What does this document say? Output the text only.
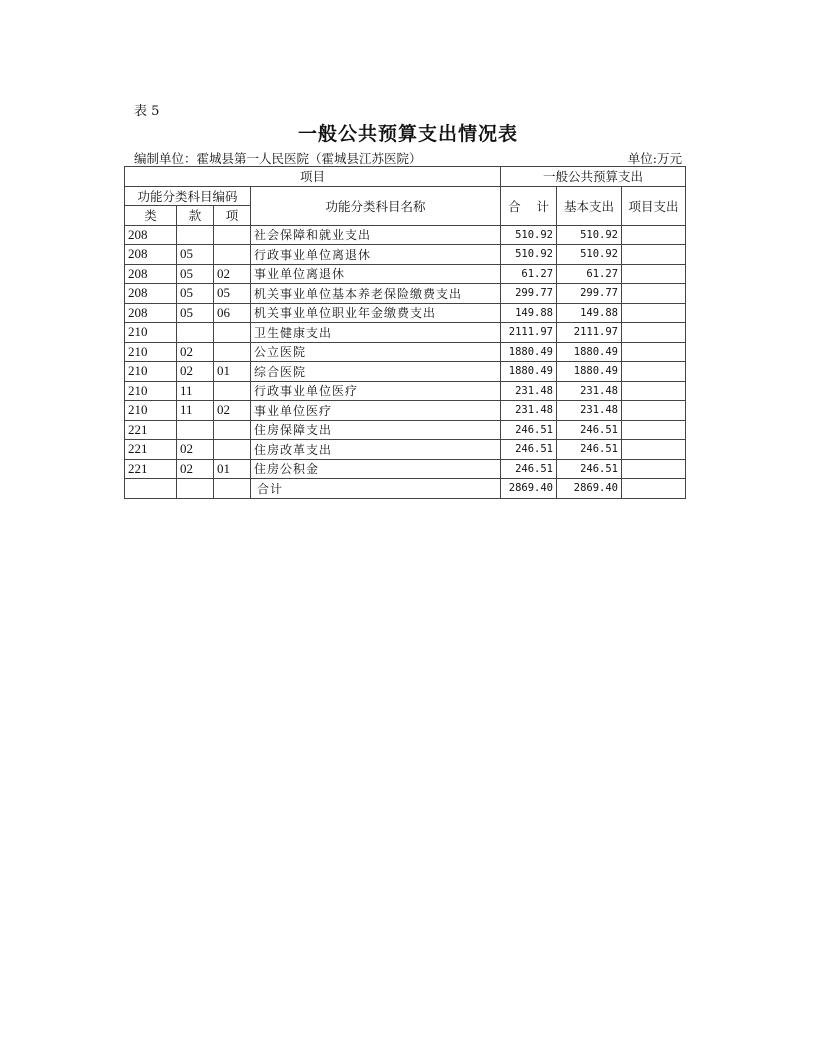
表 5
一般公共预算支出情况表
编制单位：霍城县第一人民医院（霍城县江苏医院）	单位:万元
项目				一般公共预算支出		
功能分类科目编码			功能分类科目名称	合    计	基本支出	项目支出
类	款	项				
208			社会保障和就业支出	510.92	510.92	
208	05		行政事业单位离退休	510.92	510.92	
208	05	02	事业单位离退休	61.27	61.27	
208	05	05	机关事业单位基本养老保险缴费支出	299.77	299.77	
208	05	06	机关事业单位职业年金缴费支出	149.88	149.88	
210			卫生健康支出	2111.97	2111.97	
210	02		公立医院	1880.49	1880.49	
210	02	01	综合医院	1880.49	1880.49	
210	11		行政事业单位医疗	231.48	231.48	
210	11	02	事业单位医疗	231.48	231.48	
221			住房保障支出	246.51	246.51	
221	02		住房改革支出	246.51	246.51	
221	02	01	住房公积金	246.51	246.51	
			合计	2869.40	2869.40	
